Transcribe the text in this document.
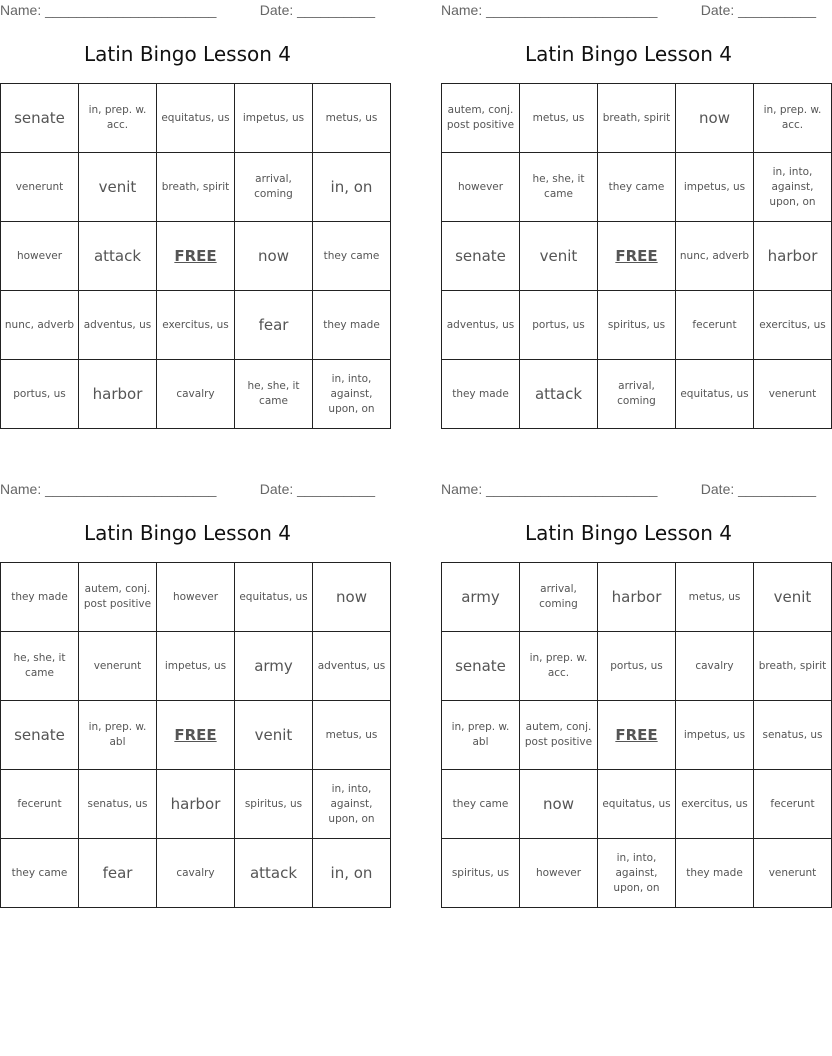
Name: ______________________	Date: __________
Latin Bingo Lesson 4
senate	in, prep. w. acc.	equitatus, us	impetus, us	metus, us
venerunt	venit	breath, spirit	arrival, coming	in, on
however	attack	FREE	now	they came
nunc, adverb	adventus, us	exercitus, us	fear	they made
portus, us	harbor	cavalry	he, she, it came	in, into, against, upon, on
Name: ______________________	Date: __________
Latin Bingo Lesson 4
autem, conj. post positive	metus, us	breath, spirit	now	in, prep. w. acc.
however	he, she, it came	they came	impetus, us	in, into, against, upon, on
senate	venit	FREE	nunc, adverb	harbor
adventus, us	portus, us	spiritus, us	fecerunt	exercitus, us
they made	attack	arrival, coming	equitatus, us	venerunt
Name: ______________________	Date: __________
Latin Bingo Lesson 4
they made	autem, conj. post positive	however	equitatus, us	now
he, she, it came	venerunt	impetus, us	army	adventus, us
senate	in, prep. w. abl	FREE	venit	metus, us
fecerunt	senatus, us	harbor	spiritus, us	in, into, against, upon, on
they came	fear	cavalry	attack	in, on
Name: ______________________	Date: __________
Latin Bingo Lesson 4
army	arrival, coming	harbor	metus, us	venit
senate	in, prep. w. acc.	portus, us	cavalry	breath, spirit
in, prep. w. abl	autem, conj. post positive	FREE	impetus, us	senatus, us
they came	now	equitatus, us	exercitus, us	fecerunt
spiritus, us	however	in, into, against, upon, on	they made	venerunt
